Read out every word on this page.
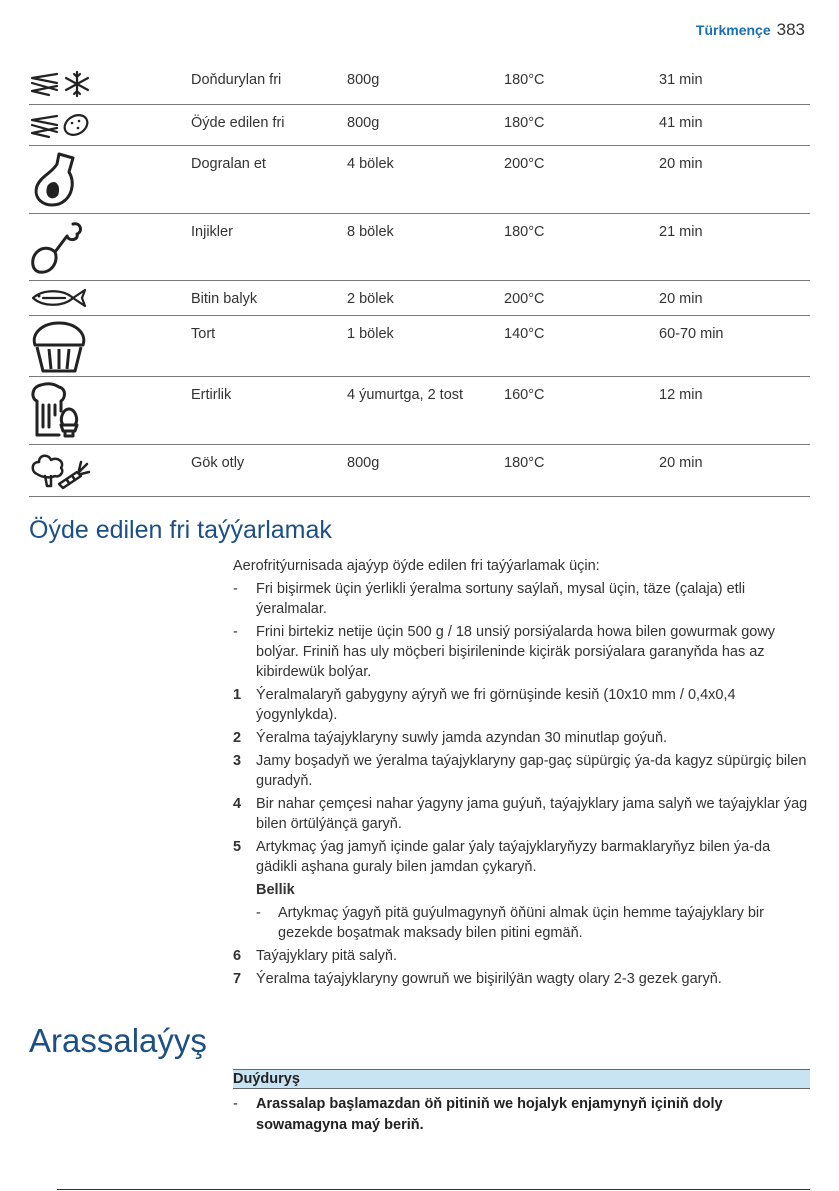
Türkmençe 383

Doňdurylan fri	800g	180°C	31 min

Öýde edilen fri	800g	180°C	41 min

Dogralan et	4 bölek	200°C	20 min

Injikler	8 bölek	180°C	21 min

Bitin balyk	2 bölek	200°C	20 min

Tort	1 bölek	140°C	60-70 min

Ertirlik	4 ýumurtga, 2 tost	160°C	12 min

Gök otly	800g	180°C	20 min
Öýde edilen fri taýýarlamak
Aerofritýurnisada ajaýyp öýde edilen fri taýýarlamak üçin:
-	Fri bişirmek üçin ýerlikli ýeralma sortuny saýlaň, mysal üçin, täze (çalaja) etli ýeralmalar.
-	Frini birtekiz netije üçin 500 g / 18 unsiý porsiýalarda howa bilen gowurmak gowy bolýar. Friniň has uly möçberi bişirileninde kiçiräk porsiýalara garanyňda has az kibirdewük bolýar.
1	Ýeralmalaryň gabygyny aýryň we fri görnüşinde kesiň (10x10 mm / 0,4x0,4 ýogynlykda).
2	Ýeralma taýajyklaryny suwly jamda azyndan 30 minutlap goýuň.
3	Jamy boşadyň we ýeralma taýajyklaryny gap-gaç süpürgiç ýa-da kagyz süpürgiç bilen guradyň.
4	Bir nahar çemçesi nahar ýagyny jama guýuň, taýajyklary jama salyň we taýajyklar ýag bilen örtülýänçä garyň.
5	Artykmaç ýag jamyň içinde galar ýaly taýajyklaryňyzy barmaklaryňyz bilen ýa-da gädikli aşhana guraly bilen jamdan çykaryň.
Bellik
- Artykmaç ýagyň pitä guýulmagynyň öňüni almak üçin hemme taýajyklary bir gezekde boşatmak maksady bilen pitini egmäň.
6	Taýajyklary pitä salyň.
7	Ýeralma taýajyklaryny gowruň we bişirilýän wagty olary 2-3 gezek garyň.
Arassalaýyş
Duýduryş
-	Arassalap başlamazdan öň pitiniň we hojalyk enjamynyň içiniň doly sowamagyna maý beriň.
